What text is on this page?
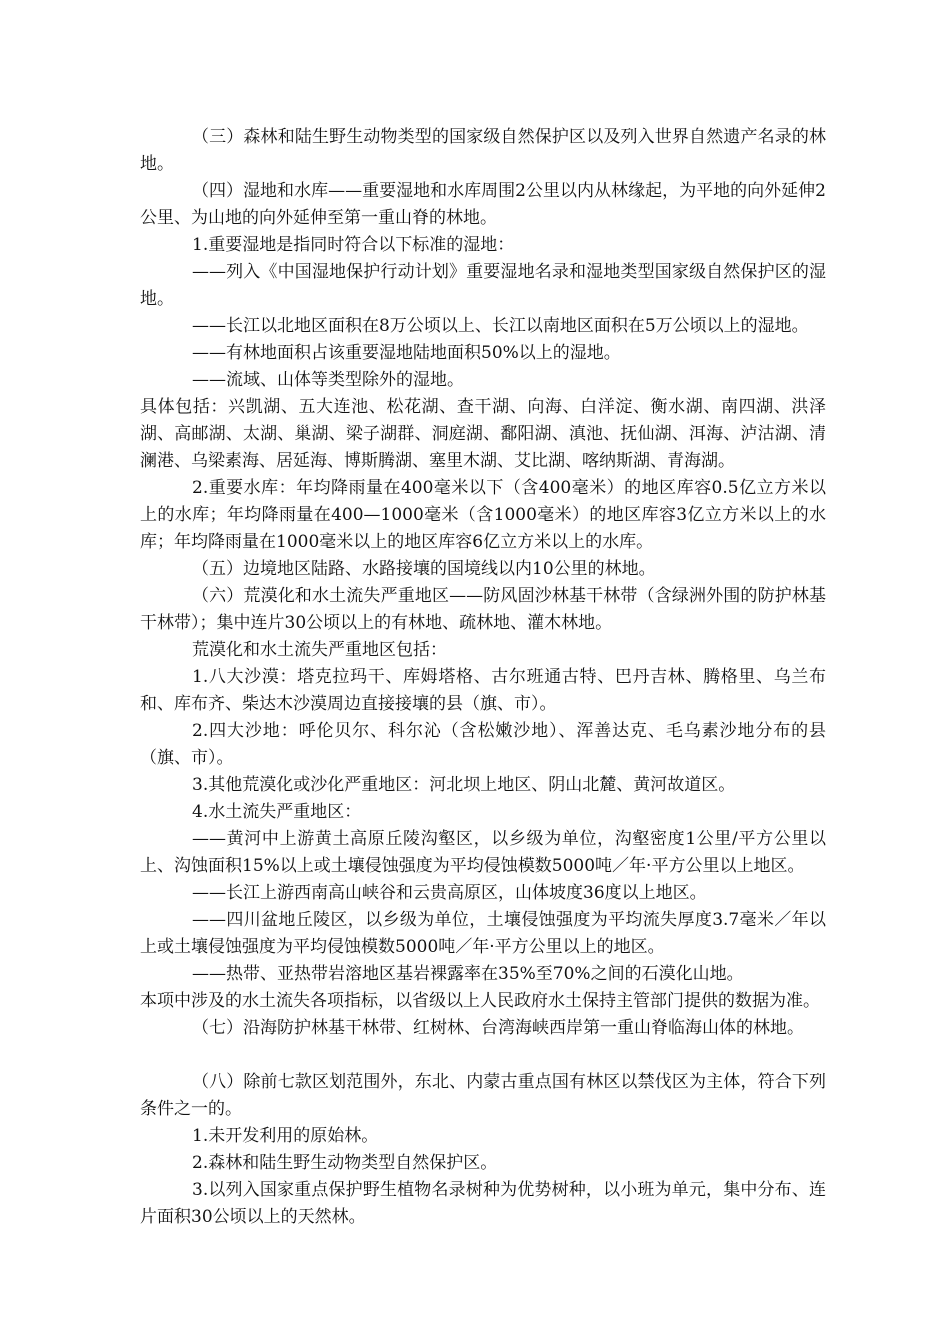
（三）森林和陆生野生动物类型的国家级自然保护区以及列入世界自然遗产名录的林地。

（四）湿地和水库——重要湿地和水库周围2公里以内从林缘起，为平地的向外延伸2公里、为山地的向外延伸至第一重山脊的林地。

1.重要湿地是指同时符合以下标准的湿地：

——列入《中国湿地保护行动计划》重要湿地名录和湿地类型国家级自然保护区的湿地。

——长江以北地区面积在8万公顷以上、长江以南地区面积在5万公顷以上的湿地。

——有林地面积占该重要湿地陆地面积50%以上的湿地。

——流域、山体等类型除外的湿地。

具体包括：兴凯湖、五大连池、松花湖、查干湖、向海、白洋淀、衡水湖、南四湖、洪泽湖、高邮湖、太湖、巢湖、梁子湖群、洞庭湖、鄱阳湖、滇池、抚仙湖、洱海、泸沽湖、清澜港、乌梁素海、居延海、博斯腾湖、塞里木湖、艾比湖、喀纳斯湖、青海湖。

2.重要水库：年均降雨量在400毫米以下（含400毫米）的地区库容0.5亿立方米以上的水库；年均降雨量在400—1000毫米（含1000毫米）的地区库容3亿立方米以上的水库；年均降雨量在1000毫米以上的地区库容6亿立方米以上的水库。

（五）边境地区陆路、水路接壤的国境线以内10公里的林地。

（六）荒漠化和水土流失严重地区——防风固沙林基干林带（含绿洲外围的防护林基干林带）；集中连片30公顷以上的有林地、疏林地、灌木林地。

荒漠化和水土流失严重地区包括：

1.八大沙漠：塔克拉玛干、库姆塔格、古尔班通古特、巴丹吉林、腾格里、乌兰布和、库布齐、柴达木沙漠周边直接接壤的县（旗、市）。

2.四大沙地：呼伦贝尔、科尔沁（含松嫩沙地）、浑善达克、毛乌素沙地分布的县（旗、市）。

3.其他荒漠化或沙化严重地区：河北坝上地区、阴山北麓、黄河故道区。

4.水土流失严重地区：

——黄河中上游黄土高原丘陵沟壑区，以乡级为单位，沟壑密度1公里/平方公里以上、沟蚀面积15%以上或土壤侵蚀强度为平均侵蚀模数5000吨／年·平方公里以上地区。

——长江上游西南高山峡谷和云贵高原区，山体坡度36度以上地区。

——四川盆地丘陵区，以乡级为单位，土壤侵蚀强度为平均流失厚度3.7毫米／年以上或土壤侵蚀强度为平均侵蚀模数5000吨／年·平方公里以上的地区。

——热带、亚热带岩溶地区基岩裸露率在35%至70%之间的石漠化山地。

本项中涉及的水土流失各项指标，以省级以上人民政府水土保持主管部门提供的数据为准。

（七）沿海防护林基干林带、红树林、台湾海峡西岸第一重山脊临海山体的林地。

（八）除前七款区划范围外，东北、内蒙古重点国有林区以禁伐区为主体，符合下列条件之一的。

1.未开发利用的原始林。

2.森林和陆生野生动物类型自然保护区。

3.以列入国家重点保护野生植物名录树种为优势树种，以小班为单元，集中分布、连片面积30公顷以上的天然林。
